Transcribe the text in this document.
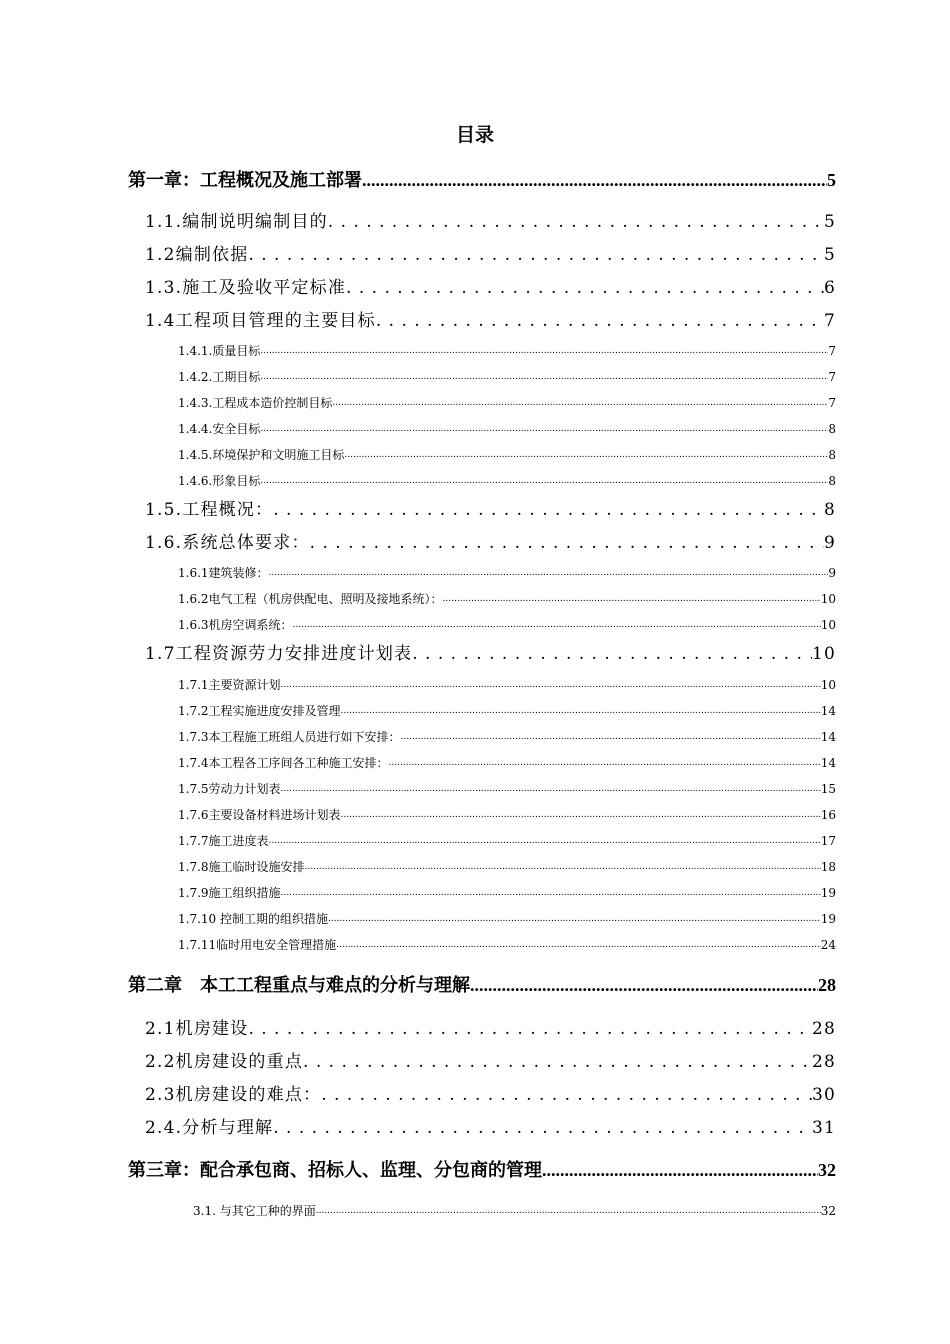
目录
第一章：工程概况及施工部署 .....	5
1.1.编制说明编制目的 . . .	5
1.2编制依据 . . .	5
1.3.施工及验收平定标准 . . .	6
1.4工程项目管理的主要目标 . . .	7
1.4.1.质量目标 .....	7
1.4.2.工期目标 .....	7
1.4.3.工程成本造价控制目标 .....	7
1.4.4.安全目标 .....	8
1.4.5.环境保护和文明施工目标 .....	8
1.4.6.形象目标 .....	8
1.5.工程概况： . . .	8
1.6.系统总体要求： . . .	9
1.6.1建筑装修： .....	9
1.6.2电气工程（机房供配电、照明及接地系统）： .....	10
1.6.3机房空调系统： .....	10
1.7工程资源劳力安排进度计划表 . . .	10
1.7.1主要资源计划 .....	10
1.7.2工程实施进度安排及管理 .....	14
1.7.3本工程施工班组人员进行如下安排： .....	14
1.7.4本工程各工序间各工种施工安排： .....	14
1.7.5劳动力计划表 .....	15
1.7.6主要设备材料进场计划表 .....	16
1.7.7施工进度表 .....	17
1.7.8施工临时设施安排 .....	18
1.7.9施工组织措施 .....	19
1.7.10 控制工期的组织措施 .....	19
1.7.11临时用电安全管理措施 .....	24
第二章　本工工程重点与难点的分析与理解 .....	28
2.1机房建设 . . .	28
2.2机房建设的重点 . . .	28
2.3机房建设的难点： . . .	30
2.4.分析与理解 . . .	31
第三章：配合承包商、招标人、监理、分包商的管理 .....	32
3.1. 与其它工种的界面 .....	32
